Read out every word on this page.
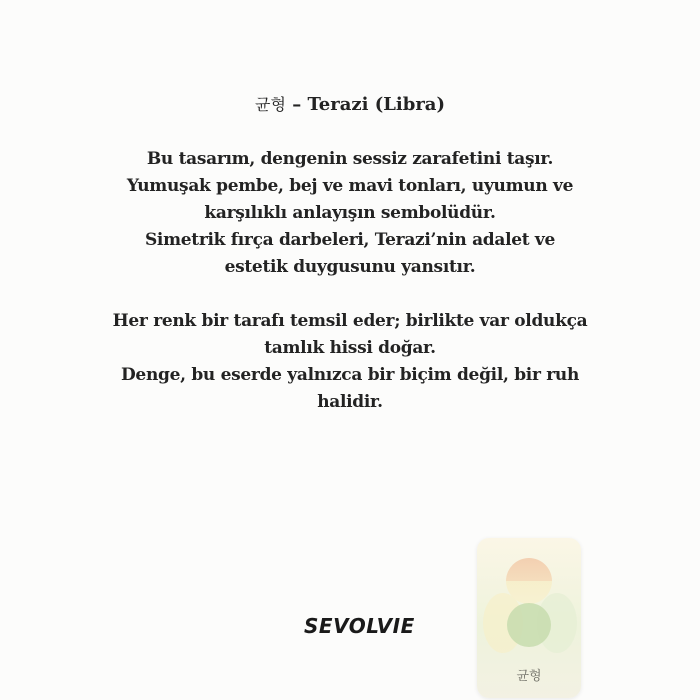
균형 – Terazi (Libra)

Bu tasarım, dengenin sessiz zarafetini taşır.
Yumuşak pembe, bej ve mavi tonları, uyumun ve
karşılıklı anlayışın sembolüdür.
Simetrik fırça darbeleri, Terazi’nin adalet ve
estetik duygusunu yansıtır.

Her renk bir tarafı temsil eder; birlikte var oldukça
tamlık hissi doğar.
Denge, bu eserde yalnızca bir biçim değil, bir ruh
halidir.

SEVOLVIE

균형
